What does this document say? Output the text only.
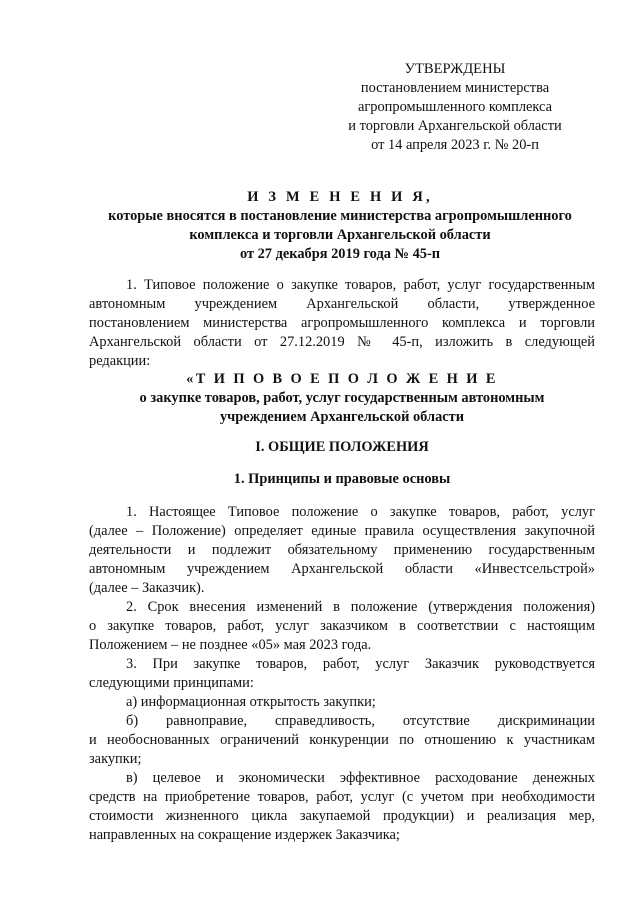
УТВЕРЖДЕНЫ
постановлением министерства
агропромышленного комплекса
и торговли Архангельской области
от 14 апреля 2023 г. № 20-п
И З М Е Н Е Н И Я,
которые вносятся в постановление министерства агропромышленного
комплекса и торговли Архангельской области
от 27 декабря 2019 года № 45-п
1. Типовое положение о закупке товаров, работ, услуг государственным
автономным учреждением Архангельской области, утвержденное
постановлением министерства агропромышленного комплекса и торговли
Архангельской области от 27.12.2019 № 45-п, изложить в следующей
редакции:
«Т И П О В О Е П О Л О Ж Е Н И Е
о закупке товаров, работ, услуг государственным автономным
учреждением Архангельской области
I. ОБЩИЕ ПОЛОЖЕНИЯ
1. Принципы и правовые основы
1. Настоящее Типовое положение о закупке товаров, работ, услуг
(далее – Положение) определяет единые правила осуществления закупочной
деятельности и подлежит обязательному применению государственным
автономным учреждением Архангельской области «Инвестсельстрой»
(далее – Заказчик).
2. Срок внесения изменений в положение (утверждения положения)
о закупке товаров, работ, услуг заказчиком в соответствии с настоящим
Положением – не позднее «05» мая 2023 года.
3. При закупке товаров, работ, услуг Заказчик руководствуется
следующими принципами:
а) информационная открытость закупки;
б) равноправие, справедливость, отсутствие дискриминации
и необоснованных ограничений конкуренции по отношению к участникам
закупки;
в) целевое и экономически эффективное расходование денежных
средств на приобретение товаров, работ, услуг (с учетом при необходимости
стоимости жизненного цикла закупаемой продукции) и реализация мер,
направленных на сокращение издержек Заказчика;
